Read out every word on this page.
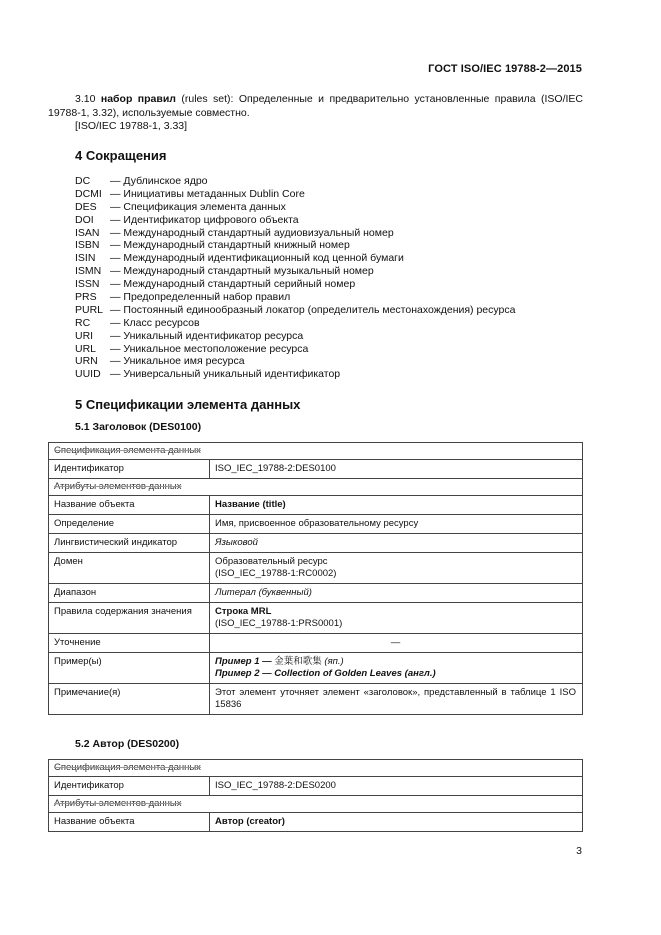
ГОСТ ISO/IEC 19788-2—2015
3.10 набор правил (rules set): Определенные и предварительно установленные правила (ISO/IEC 19788-1, 3.32), используемые совместно.
[ISO/IEC 19788-1, 3.33]
4 Сокращения
DC — Дублинское ядро
DCMI — Инициативы метаданных Dublin Core
DES — Спецификация элемента данных
DOI — Идентификатор цифрового объекта
ISAN — Международный стандартный аудиовизуальный номер
ISBN — Международный стандартный книжный номер
ISIN — Международный идентификационный код ценной бумаги
ISMN — Международный стандартный музыкальный номер
ISSN — Международный стандартный серийный номер
PRS — Предопределенный набор правил
PURL — Постоянный единообразный локатор (определитель местонахождения) ресурса
RC — Класс ресурсов
URI — Уникальный идентификатор ресурса
URL — Уникальное местоположение ресурса
URN — Уникальное имя ресурса
UUID — Универсальный уникальный идентификатор
5 Спецификации элемента данных
5.1 Заголовок (DES0100)
Спецификация элемента данных	
Идентификатор	ISO_IEC_19788-2:DES0100
Атрибуты элементов данных	
Название объекта	Название (title)
Определение	Имя, присвоенное образовательному ресурсу
Лингвистический индикатор	Языковой
Домен	Образовательный ресурс
(ISO_IEC_19788-1:RC0002)

Диапазон	Литерал (буквенный)
Правила содержания значения	Строка MRL
(ISO_IEC_19788-1:PRS0001)

Уточнение	—
Пример(ы)	Пример 1 — 金葉和歌集 (яп.)
Пример 2 — Collection of Golden Leaves (англ.)

Примечание(я)	Этот элемент уточняет элемент «заголовок», представленный в таблице 1 ISO 15836
5.2 Автор (DES0200)
Спецификация элемента данных	
Идентификатор	ISO_IEC_19788-2:DES0200
Атрибуты элементов данных	
Название объекта	Автор (creator)
3
